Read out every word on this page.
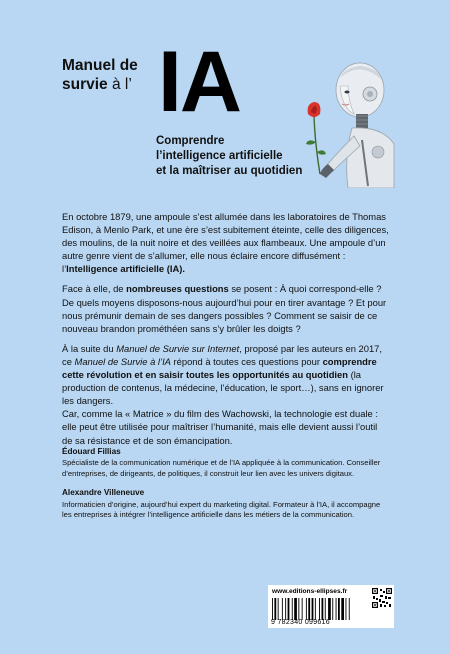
Manuel de
survie à l’ IA
Comprendre
l’intelligence artificielle
et la maîtriser au quotidien

En octobre 1879, une ampoule s’est allumée dans les laboratoires de Thomas Edison, à Menlo Park, et une ère s’est subitement éteinte, celle des diligences, des moulins, de la nuit noire et des veillées aux flambeaux. Une ampoule d’un autre genre vient de s’allumer, elle nous éclaire encore diffusément : l’Intelligence artificielle (IA).

Face à elle, de nombreuses questions se posent : À quoi correspond-elle ? De quels moyens disposons-nous aujourd’hui pour en tirer avantage ? Et pour nous prémunir demain de ses dangers possibles ? Comment se saisir de ce nouveau brandon prométhéen sans s’y brûler les doigts ?

À la suite du Manuel de Survie sur Internet, proposé par les auteurs en 2017, ce Manuel de Survie à l’IA répond à toutes ces questions pour comprendre cette révolution et en saisir toutes les opportunités au quotidien (la production de contenus, la médecine, l’éducation, le sport…), sans en ignorer les dangers.

Car, comme la « Matrice » du film des Wachowski, la technologie est duale : elle peut être utilisée pour maîtriser l’humanité, mais elle devient aussi l’outil de sa résistance et de son émancipation.

Édouard Fillias
Spécialiste de la communication numérique et de l’IA appliquée à la communication. Conseiller d’entreprises, de dirigeants, de politiques, il construit leur lien avec les univers digitaux.
Alexandre Villeneuve
Informaticien d’origine, aujourd’hui expert du marketing digital. Formateur à l’IA, il accompagne les entreprises à intégrer l’intelligence artificielle dans les métiers de la communication.
www.editions-ellipses.fr
9 782340 099616
